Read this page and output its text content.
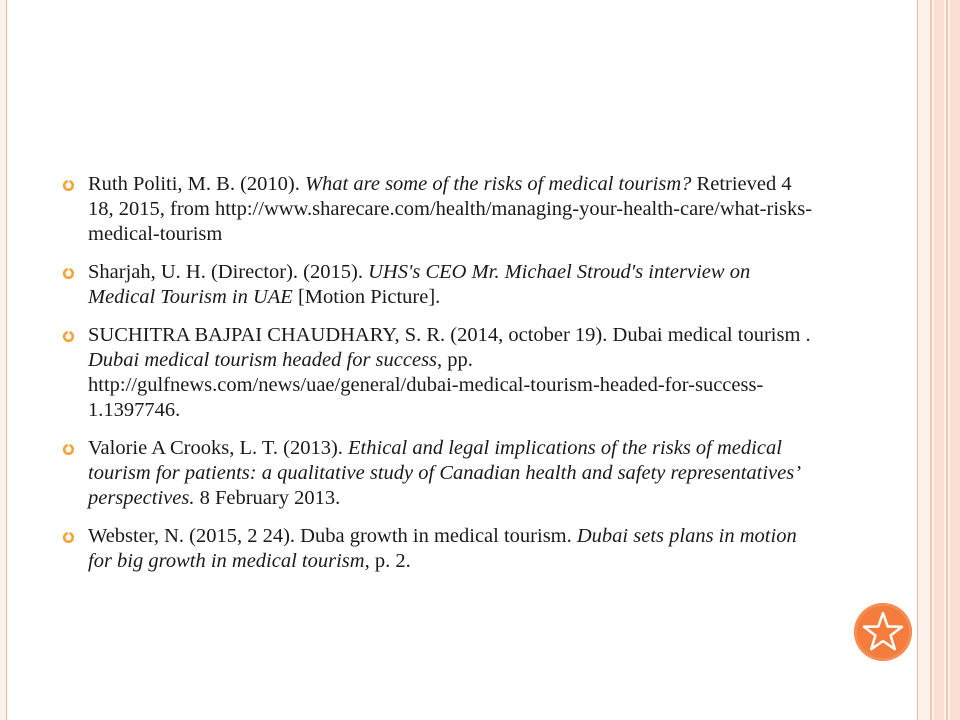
Ruth Politi, M. B. (2010). What are some of the risks of medical tourism? Retrieved 4 18, 2015, from http://www.sharecare.com/health/managing-your-health-care/what-risks-medical-tourism
Sharjah, U. H. (Director). (2015). UHS's CEO Mr. Michael Stroud's interview on Medical Tourism in UAE [Motion Picture].
SUCHITRA BAJPAI CHAUDHARY, S. R. (2014, october 19). Dubai medical tourism . Dubai medical tourism headed for success, pp. http://gulfnews.com/news/uae/general/dubai-medical-tourism-headed-for-success-1.1397746.
Valorie A Crooks, L. T. (2013). Ethical and legal implications of the risks of medical tourism for patients: a qualitative study of Canadian health and safety representatives’ perspectives. 8 February 2013.
Webster, N. (2015, 2 24). Duba growth in medical tourism. Dubai sets plans in motion for big growth in medical tourism, p. 2.
